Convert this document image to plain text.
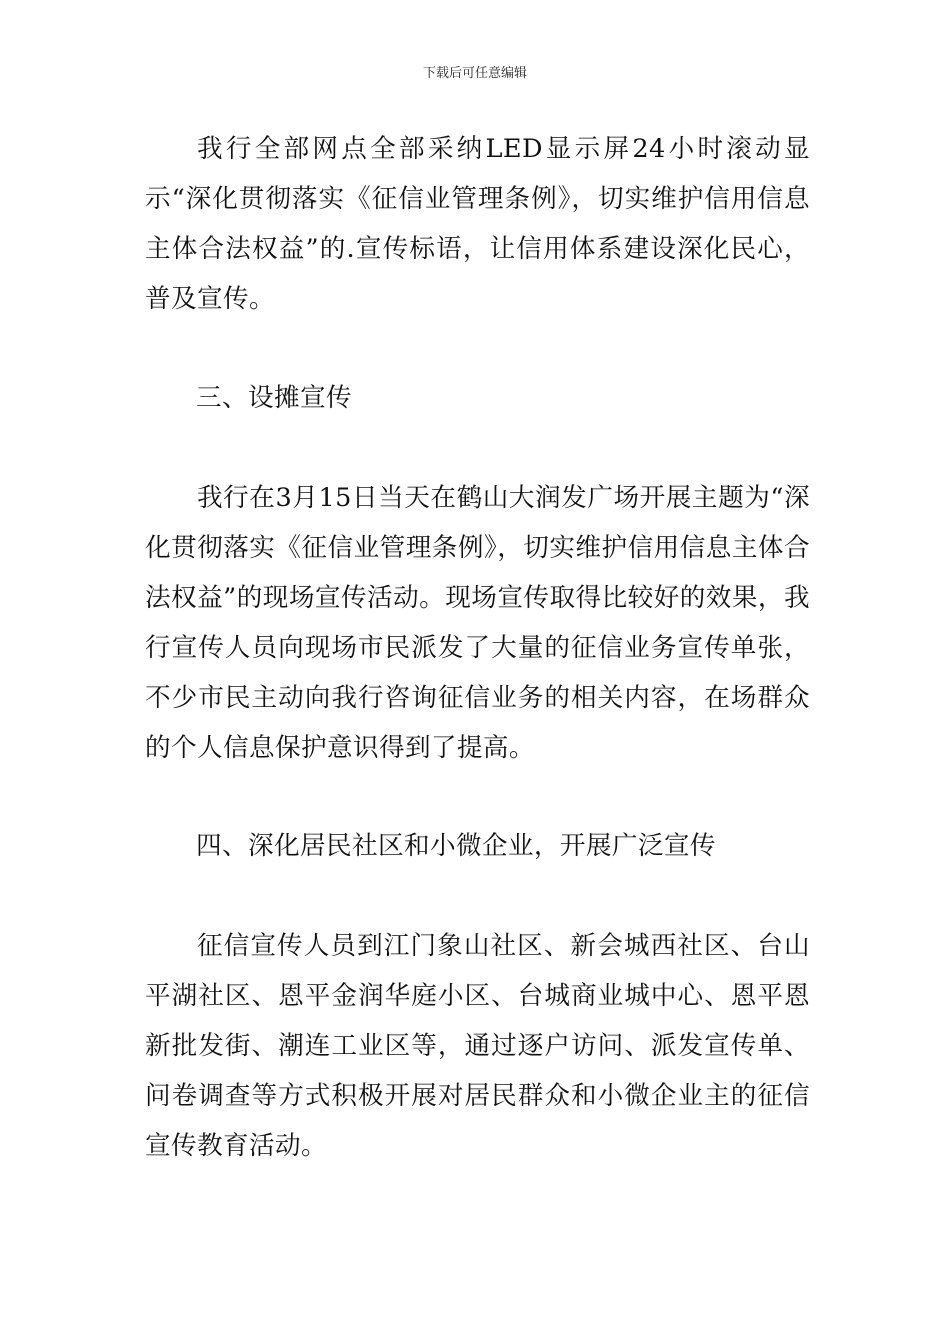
下载后可任意编辑
我行全部网点全部采纳LED显示屏24小时滚动显示“深化贯彻落实《征信业管理条例》，切实维护信用信息主体合法权益”的.宣传标语，让信用体系建设深化民心，普及宣传。
三、设摊宣传
我行在3月15日当天在鹤山大润发广场开展主题为“深化贯彻落实《征信业管理条例》，切实维护信用信息主体合法权益”的现场宣传活动。现场宣传取得比较好的效果，我行宣传人员向现场市民派发了大量的征信业务宣传单张，不少市民主动向我行咨询征信业务的相关内容，在场群众的个人信息保护意识得到了提高。
四、深化居民社区和小微企业，开展广泛宣传
征信宣传人员到江门象山社区、新会城西社区、台山平湖社区、恩平金润华庭小区、台城商业城中心、恩平恩新批发街、潮连工业区等，通过逐户访问、派发宣传单、问卷调查等方式积极开展对居民群众和小微企业主的征信宣传教育活动。
